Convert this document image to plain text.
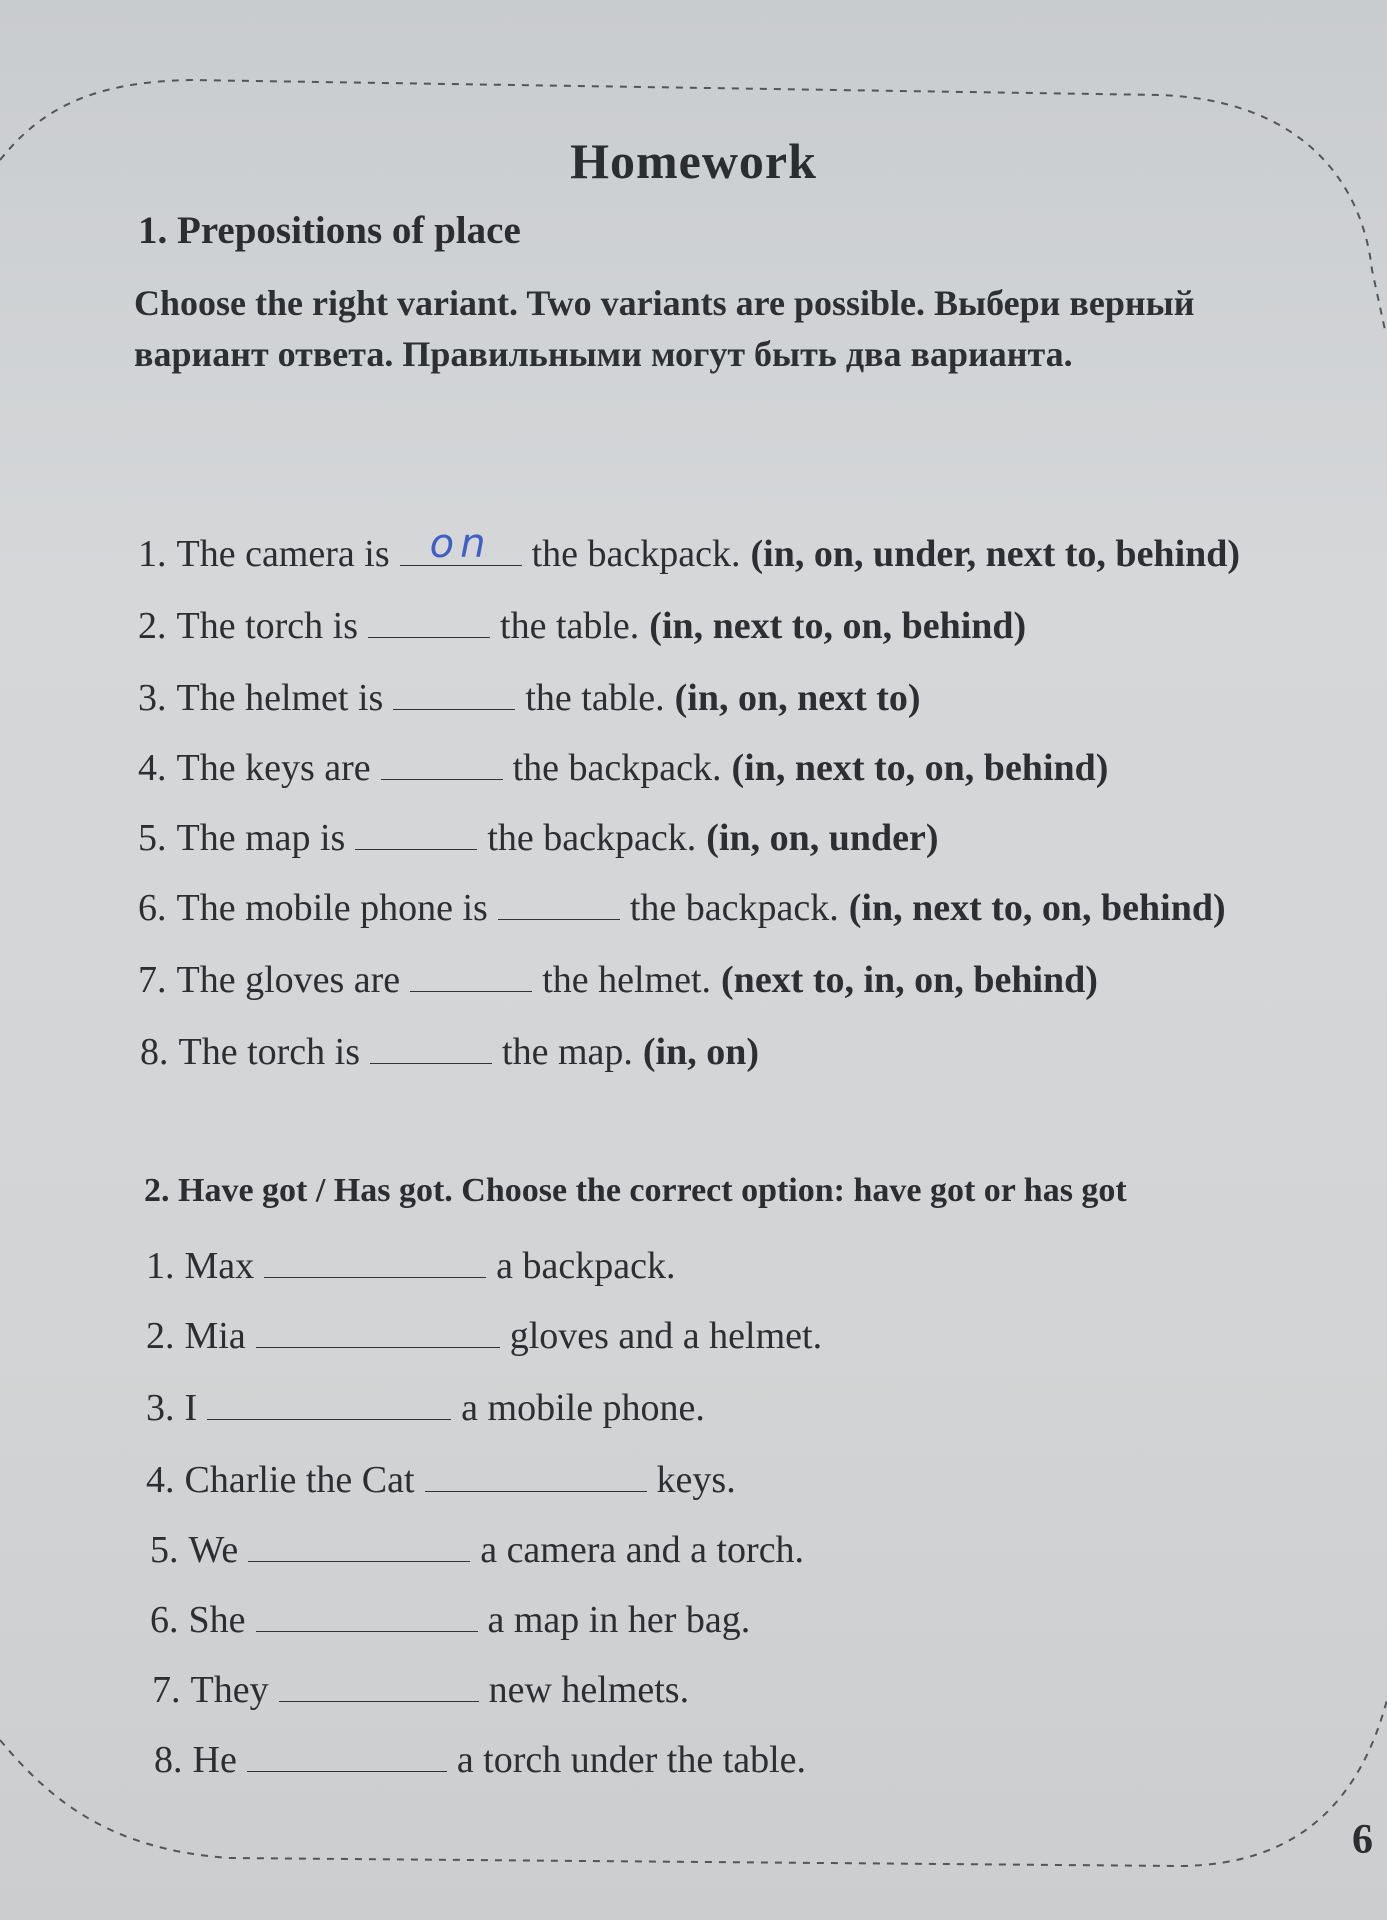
Homework
1. Prepositions of place
Choose the right variant. Two variants are possible. Выбери верный вариант ответа. Правильными могут быть два варианта.
1. The camera is on the backpack. (in, on, under, next to, behind)
2. The torch is	the table. (in, next to, on, behind)
3. The helmet is	the table. (in, on, next to)
4. The keys are	the backpack. (in, next to, on, behind)
5. The map is	the backpack. (in, on, under)
6. The mobile phone is	the backpack. (in, next to, on, behind)
7. The gloves are	the helmet. (next to, in, on, behind)
8. The torch is	the map. (in, on)
2. Have got / Has got. Choose the correct option: have got or has got
1. Max	a backpack.
2. Mia	gloves and a helmet.
3. I	a mobile phone.
4. Charlie the Cat	keys.
5. We	a camera and a torch.
6. She	a map in her bag.
7. They	new helmets.
8. He	a torch under the table.
6
